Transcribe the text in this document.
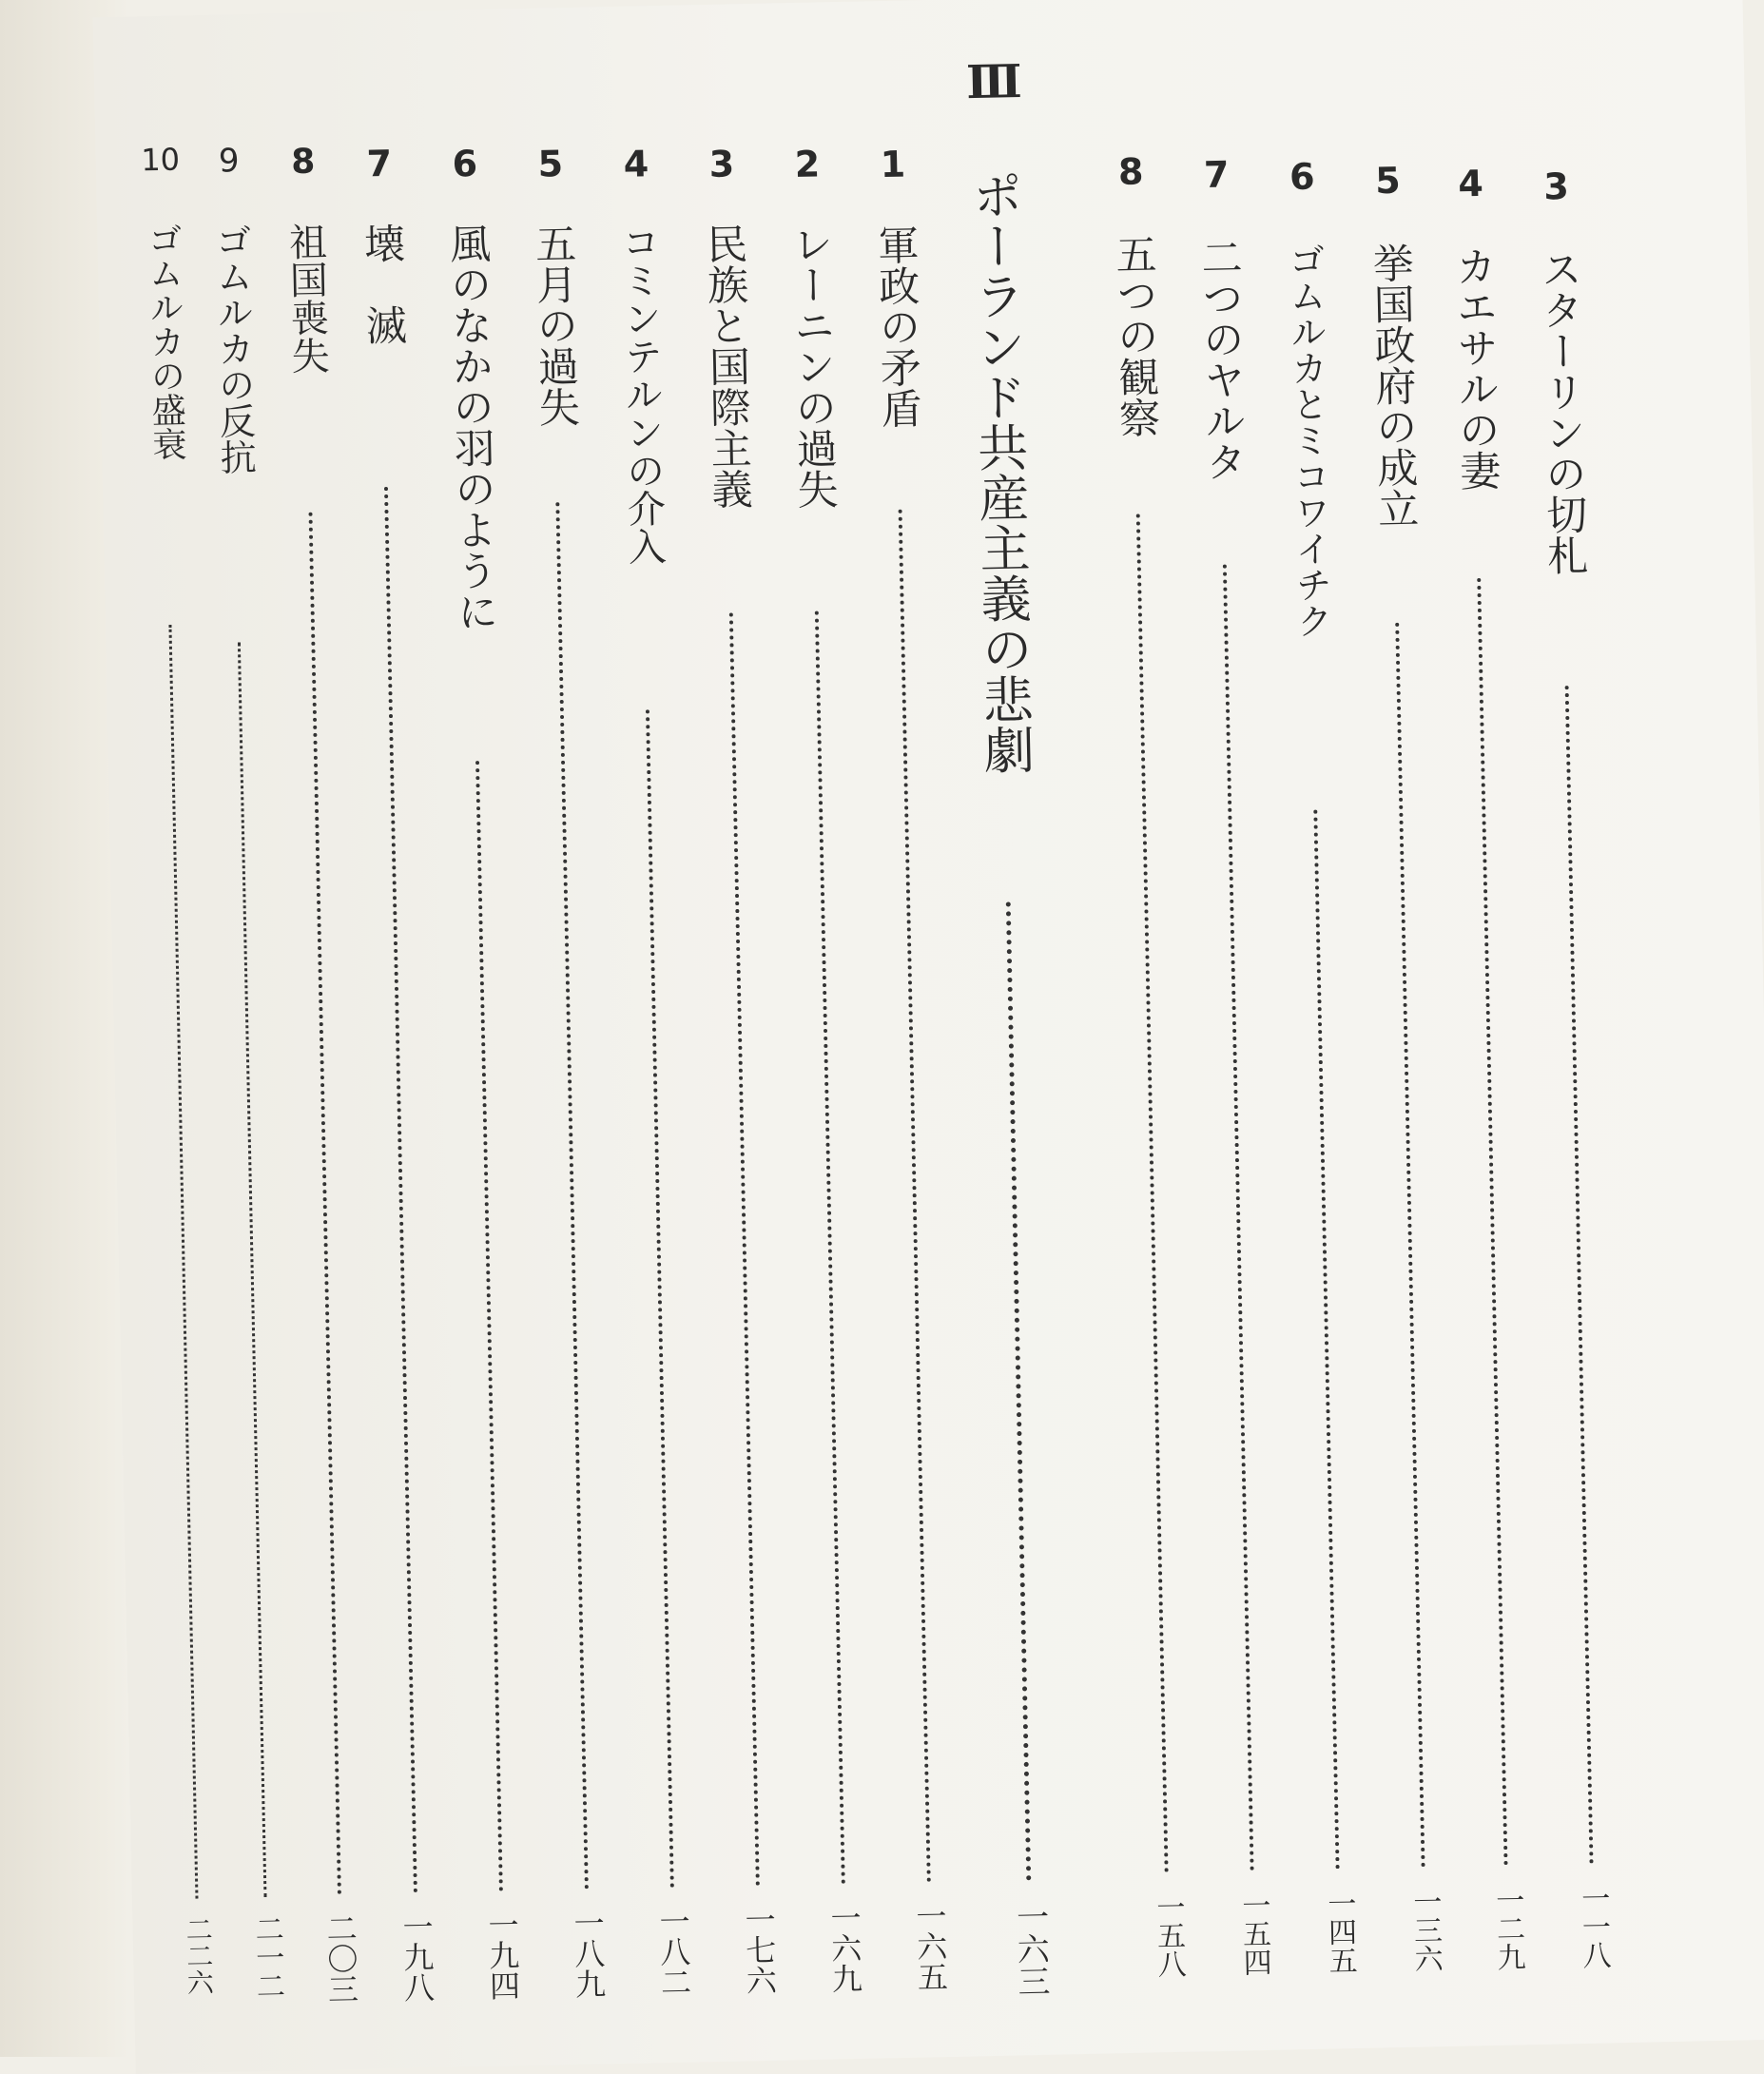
Ⅲ
3
スターリンの切札
一一八
4
カエサルの妻
一二九
5
挙国政府の成立
一三六
6
ゴムルカとミコワイチク
一四五
7
二つのヤルタ
一五四
8
五つの観察
一五八
ポーランド共産主義の悲劇
一六三
1
軍政の矛盾
一六五
2
レーニンの過失
一六九
3
民族と国際主義
一七六
4
コミンテルンの介入
一八二
5
五月の過失
一八九
6
風のなかの羽のように
一九四
7
壊　滅
一九八
8
祖国喪失
二〇三
9
ゴムルカの反抗
二一二
10
ゴムルカの盛衰
二二六
